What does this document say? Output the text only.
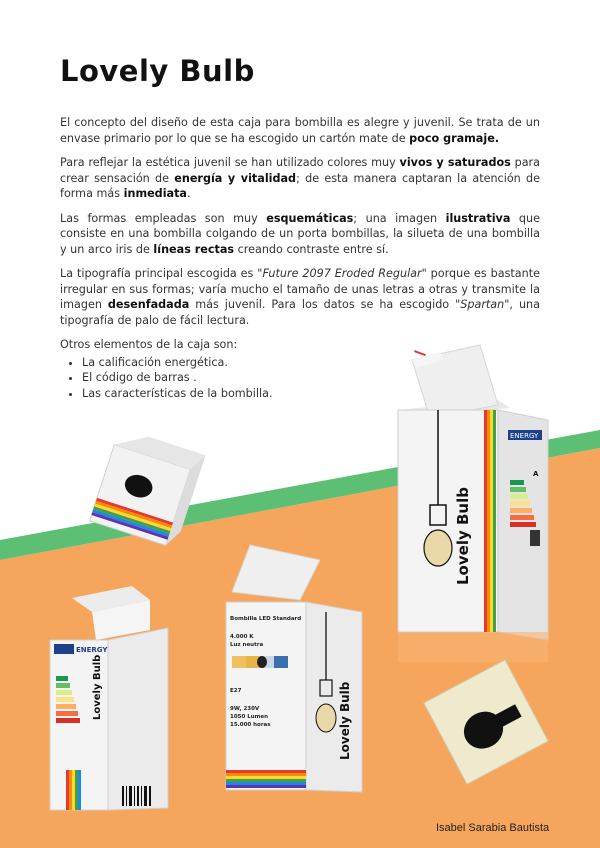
Lovely Bulb
Lovely Bulb
Lovely Bulb
ENERGY
ENERGY
Bombilla LED Standard
4.000 K
Luz neutra
E27
9W, 230V
1050 Lumen
15.000 horas
A
Lovely Bulb

El concepto del diseño de esta caja para bombilla es alegre y juvenil. Se trata de un envase primario por lo que se ha escogido un cartón mate de poco gramaje.

Para reflejar la estética juvenil se han utilizado colores muy vivos y saturados para crear sensación de energía y vitalidad; de esta manera captaran la atención de forma más inmediata.

Las formas empleadas son muy esquemáticas; una imagen ilustrativa que consiste en una bombilla colgando de un porta bombillas, la silueta de una bombilla y un arco iris de líneas rectas creando contraste entre sí.

La tipografía principal escogida es "Future 2097 Eroded Regular" porque es bastante irregular en sus formas; varía mucho el tamaño de unas letras a otras y transmite la imagen desenfadada más juvenil. Para los datos se ha escogido "Spartan", una tipografía de palo de fácil lectura.

Otros elementos de la caja son:

• La calificación energética.
• El código de barras .
• Las características de la bombilla.
Isabel Sarabia Bautista
